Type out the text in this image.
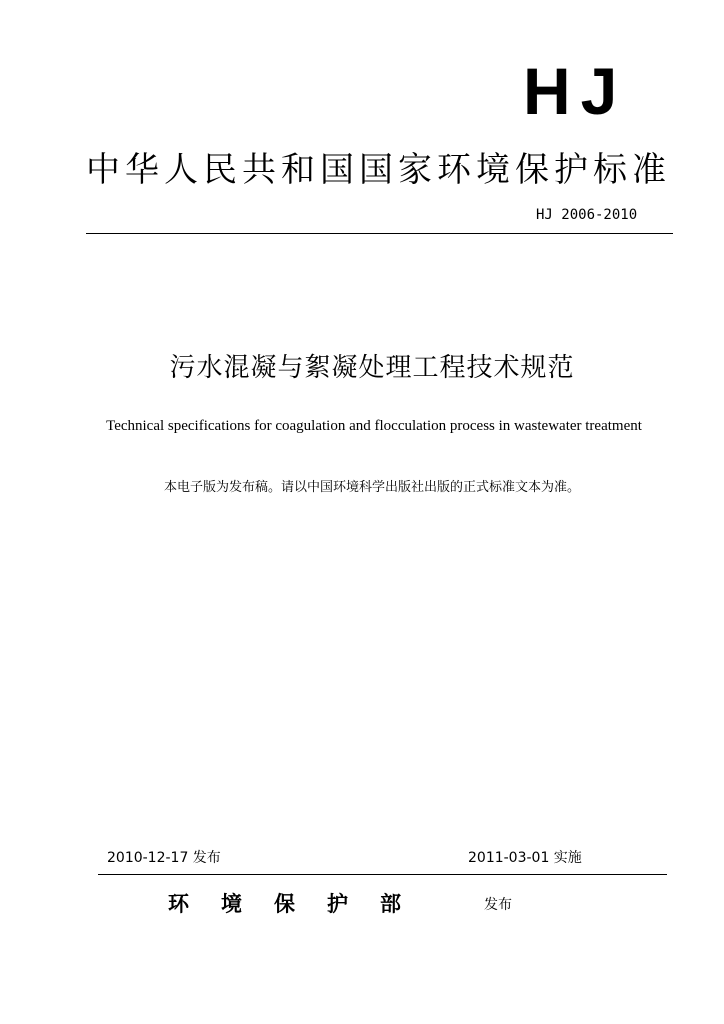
HJ
中华人民共和国国家环境保护标准
HJ 2006-2010
污水混凝与絮凝处理工程技术规范
Technical specifications for coagulation and flocculation process in wastewater treatment
本电子版为发布稿。请以中国环境科学出版社出版的正式标准文本为准。
2010-12-17 发布	2011-03-01 实施
环境保护部	发布
